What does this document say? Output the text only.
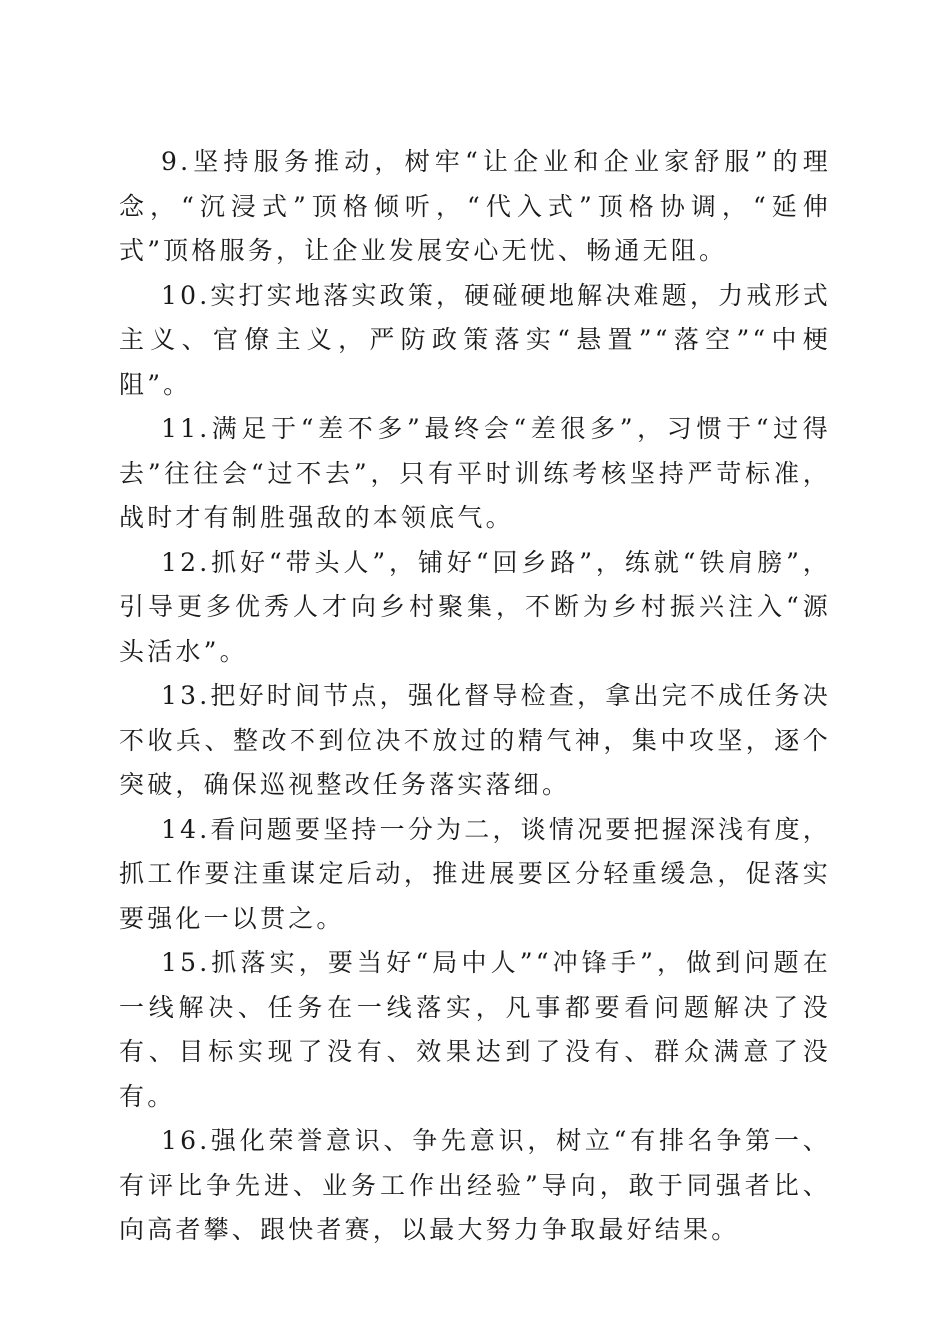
9.坚持服务推动，树牢“让企业和企业家舒服”的理念，“沉浸式”顶格倾听，“代入式”顶格协调，“延伸式”顶格服务，让企业发展安心无忧、畅通无阻。

10.实打实地落实政策，硬碰硬地解决难题，力戒形式主义、官僚主义，严防政策落实“悬置”“落空”“中梗阻”。

11.满足于“差不多”最终会“差很多”，习惯于“过得去”往往会“过不去”，只有平时训练考核坚持严苛标准，战时才有制胜强敌的本领底气。

12.抓好“带头人”，铺好“回乡路”，练就“铁肩膀”，引导更多优秀人才向乡村聚集，不断为乡村振兴注入“源头活水”。

13.把好时间节点，强化督导检查，拿出完不成任务决不收兵、整改不到位决不放过的精气神，集中攻坚，逐个突破，确保巡视整改任务落实落细。

14.看问题要坚持一分为二，谈情况要把握深浅有度，抓工作要注重谋定后动，推进展要区分轻重缓急，促落实要强化一以贯之。

15.抓落实，要当好“局中人”“冲锋手”，做到问题在一线解决、任务在一线落实，凡事都要看问题解决了没有、目标实现了没有、效果达到了没有、群众满意了没有。

16.强化荣誉意识、争先意识，树立“有排名争第一、有评比争先进、业务工作出经验”导向，敢于同强者比、向高者攀、跟快者赛，以最大努力争取最好结果。
